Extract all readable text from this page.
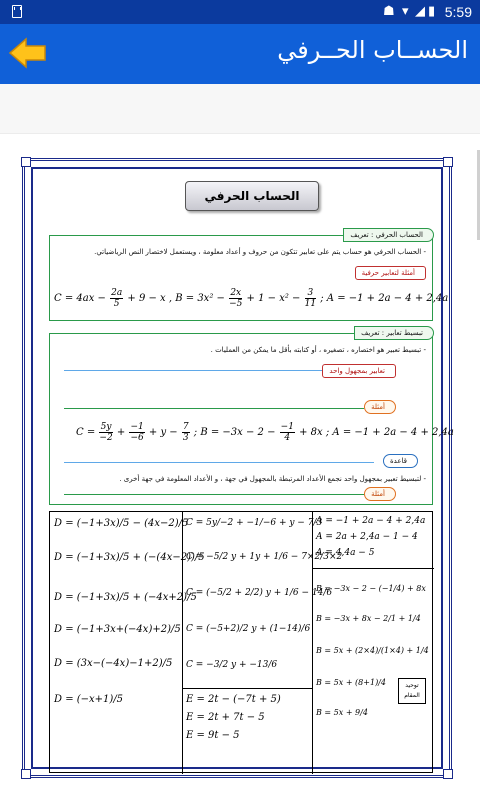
☗ ▾ ◢ ▮ 5:59
الحســاب الحــرفي
الحساب الحرفي
الحساب الحرفي : تعريف
- الحساب الحرفي هو حساب يتم على تعابير تتكون من حروف و أعداد معلومة ، ويستعمل لاختصار النص الرياضياتي.
أمثلة لتعابير حرفية
$C = 4ax - \frac{2a}{5} + 9 - x$ , $B = 3x^2 - \frac{2x}{-5} + 1 - x^2 - \frac{3}{11}$ ; A = −1 + 2a − 4 + 2,4a
تبسيط تعابير : تعريف
- تبسيط تعبير هو اختصاره ، تصغيره ، أو كتابته بأقل ما يمكن من العمليات .
تعابير بمجهول واحد
أمثلة
$C = \frac{5y}{-2} + \frac{-1}{-6} + y - \frac{7}{3}$ ; $B = -3x - 2 - \frac{-1}{4} + 8x$ ; A = −1 + 2a − 4 + 2,4a
قاعدة
- لتبسيط تعبير بمجهول واحد نجمع الأعداد المرتبطة بالمجهول في جهة ، و الأعداد المعلومة في جهة أخرى .
أمثلة
D = (−1+3x)/5 − (4x−2)/5
D = (−1+3x)/5 + (−(4x−2))/5
D = (−1+3x)/5 + (−4x+2)/5
D = (−1+3x+(−4x)+2)/5
D = (3x−(−4x)−1+2)/5
D = (−x+1)/5
C = 5y/−2 + −1/−6 + y − 7/3
C = −5/2 y + 1y + 1/6 − 7×2/3×2
C = (−5/2 + 2/2) y + 1/6 − 14/6
C = (−5+2)/2 y + (1−14)/6
C = −3/2 y + −13/6
E = 2t − (−7t + 5)
E = 2t + 7t − 5
E = 9t − 5
A = −1 + 2a − 4 + 2,4a
A = 2a + 2,4a − 1 − 4
A = 4,4a − 5
B = −3x − 2 − (−1/4) + 8x
B = −3x + 8x − 2/1 + 1/4
B = 5x + (2×4)/(1×4) + 1/4
B = 5x + (8+1)/4
B = 5x + 9/4
توحيد المقام
